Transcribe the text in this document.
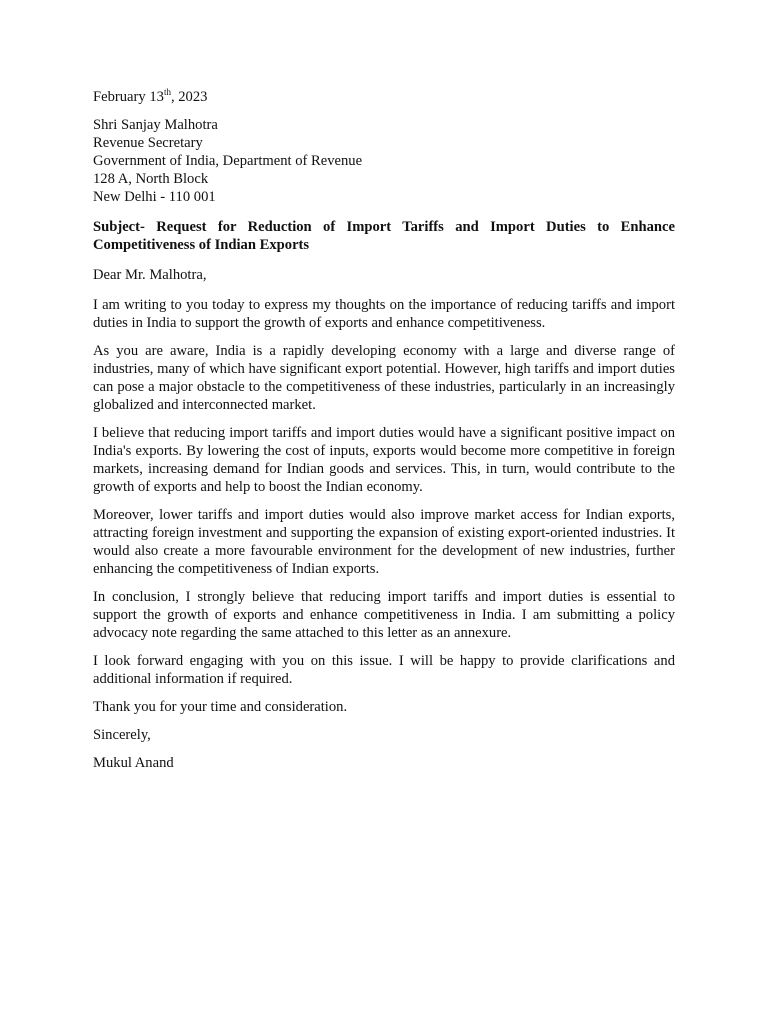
February 13th, 2023
Shri Sanjay Malhotra
Revenue Secretary
Government of India, Department of Revenue
128 A, North Block
New Delhi - 110 001
Subject- Request for Reduction of Import Tariffs and Import Duties to Enhance Competitiveness of Indian Exports
Dear Mr. Malhotra,

I am writing to you today to express my thoughts on the importance of reducing tariffs and import duties in India to support the growth of exports and enhance competitiveness.

As you are aware, India is a rapidly developing economy with a large and diverse range of industries, many of which have significant export potential. However, high tariffs and import duties can pose a major obstacle to the competitiveness of these industries, particularly in an increasingly globalized and interconnected market.

I believe that reducing import tariffs and import duties would have a significant positive impact on India's exports. By lowering the cost of inputs, exports would become more competitive in foreign markets, increasing demand for Indian goods and services. This, in turn, would contribute to the growth of exports and help to boost the Indian economy.

Moreover, lower tariffs and import duties would also improve market access for Indian exports, attracting foreign investment and supporting the expansion of existing export-oriented industries. It would also create a more favourable environment for the development of new industries, further enhancing the competitiveness of Indian exports.

In conclusion, I strongly believe that reducing import tariffs and import duties is essential to support the growth of exports and enhance competitiveness in India. I am submitting a policy advocacy note regarding the same attached to this letter as an annexure.

I look forward engaging with you on this issue. I will be happy to provide clarifications and additional information if required.

Thank you for your time and consideration.
Sincerely,
Mukul Anand
